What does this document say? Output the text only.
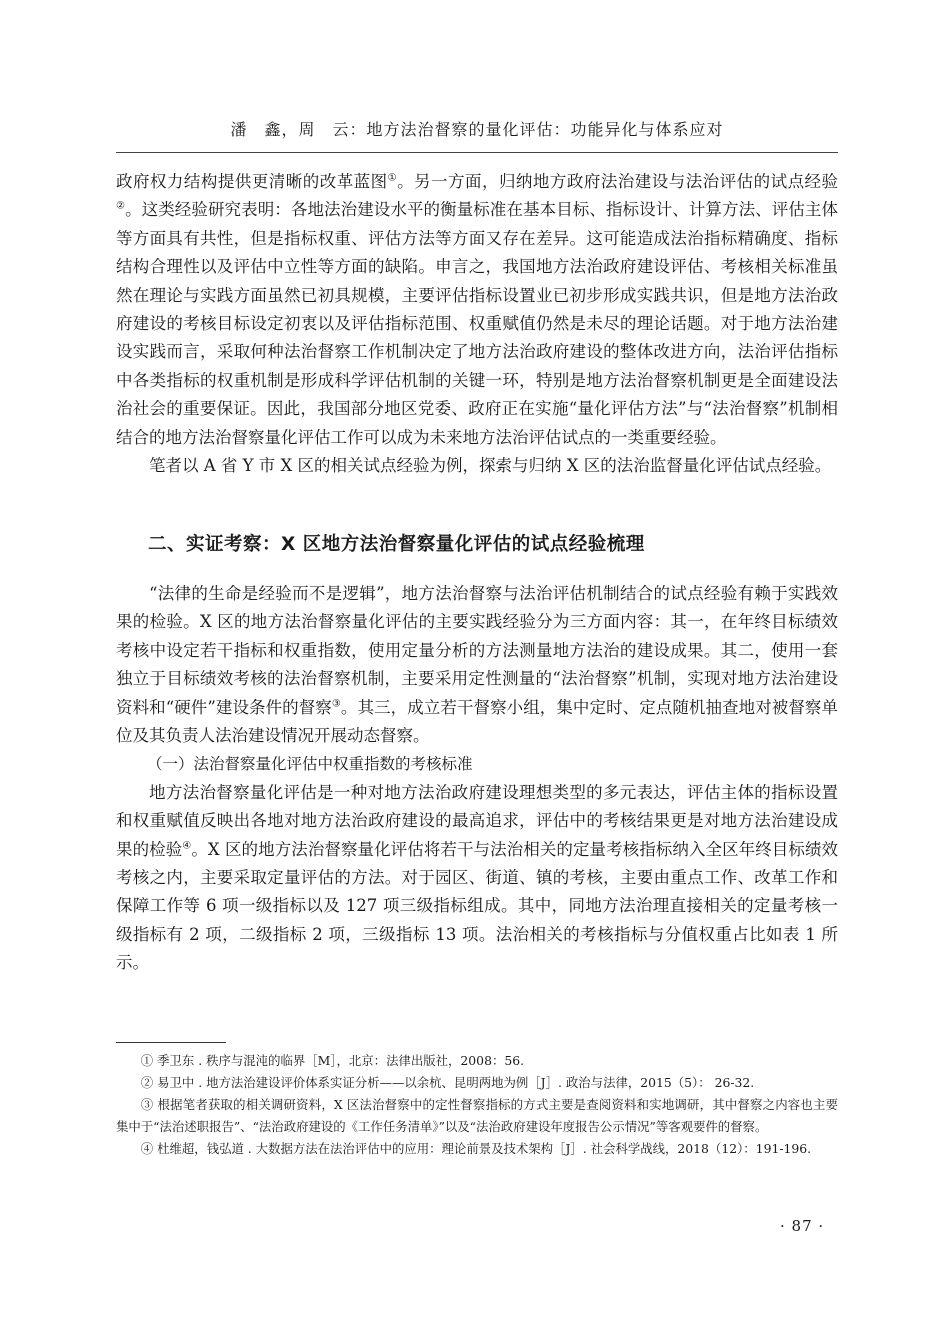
潘　鑫，周　云：地方法治督察的量化评估：功能异化与体系应对

政府权力结构提供更清晰的改革蓝图①。另一方面，归纳地方政府法治建设与法治评估的试点经验②。这类经验研究表明：各地法治建设水平的衡量标准在基本目标、指标设计、计算方法、评估主体等方面具有共性，但是指标权重、评估方法等方面又存在差异。这可能造成法治指标精确度、指标结构合理性以及评估中立性等方面的缺陷。申言之，我国地方法治政府建设评估、考核相关标准虽然在理论与实践方面虽然已初具规模，主要评估指标设置业已初步形成实践共识，但是地方法治政府建设的考核目标设定初衷以及评估指标范围、权重赋值仍然是未尽的理论话题。对于地方法治建设实践而言，采取何种法治督察工作机制决定了地方法治政府建设的整体改进方向，法治评估指标中各类指标的权重机制是形成科学评估机制的关键一环，特别是地方法治督察机制更是全面建设法治社会的重要保证。因此，我国部分地区党委、政府正在实施“量化评估方法”与“法治督察”机制相结合的地方法治督察量化评估工作可以成为未来地方法治评估试点的一类重要经验。

笔者以 A 省 Y 市 X 区的相关试点经验为例，探索与归纳 X 区的法治监督量化评估试点经验。

二、实证考察：X 区地方法治督察量化评估的试点经验梳理

“法律的生命是经验而不是逻辑”，地方法治督察与法治评估机制结合的试点经验有赖于实践效果的检验。X 区的地方法治督察量化评估的主要实践经验分为三方面内容：其一，在年终目标绩效考核中设定若干指标和权重指数，使用定量分析的方法测量地方法治的建设成果。其二，使用一套独立于目标绩效考核的法治督察机制，主要采用定性测量的“法治督察”机制，实现对地方法治建设资料和“硬件”建设条件的督察③。其三，成立若干督察小组，集中定时、定点随机抽查地对被督察单位及其负责人法治建设情况开展动态督察。

（一）法治督察量化评估中权重指数的考核标准

地方法治督察量化评估是一种对地方法治政府建设理想类型的多元表达，评估主体的指标设置和权重赋值反映出各地对地方法治政府建设的最高追求，评估中的考核结果更是对地方法治建设成果的检验④。X 区的地方法治督察量化评估将若干与法治相关的定量考核指标纳入全区年终目标绩效考核之内，主要采取定量评估的方法。对于园区、街道、镇的考核，主要由重点工作、改革工作和保障工作等 6 项一级指标以及 127 项三级指标组成。其中，同地方法治理直接相关的定量考核一级指标有 2 项，二级指标 2 项，三级指标 13 项。法治相关的考核指标与分值权重占比如表 1 所示。

① 季卫东 . 秩序与混沌的临界［M］，北京：法律出版社，2008：56.

② 易卫中 . 地方法治建设评价体系实证分析——以余杭、昆明两地为例［J］. 政治与法律，2015（5）： 26-32.

③ 根据笔者获取的相关调研资料，X 区法治督察中的定性督察指标的方式主要是查阅资料和实地调研，其中督察之内容也主要集中于“法治述职报告”、“法治政府建设的《工作任务清单》”以及“法治政府建设年度报告公示情况”等客观要件的督察。

④ 杜维超，钱弘道 . 大数据方法在法治评估中的应用：理论前景及技术架构［J］. 社会科学战线，2018（12）：191-196.

· 87 ·
